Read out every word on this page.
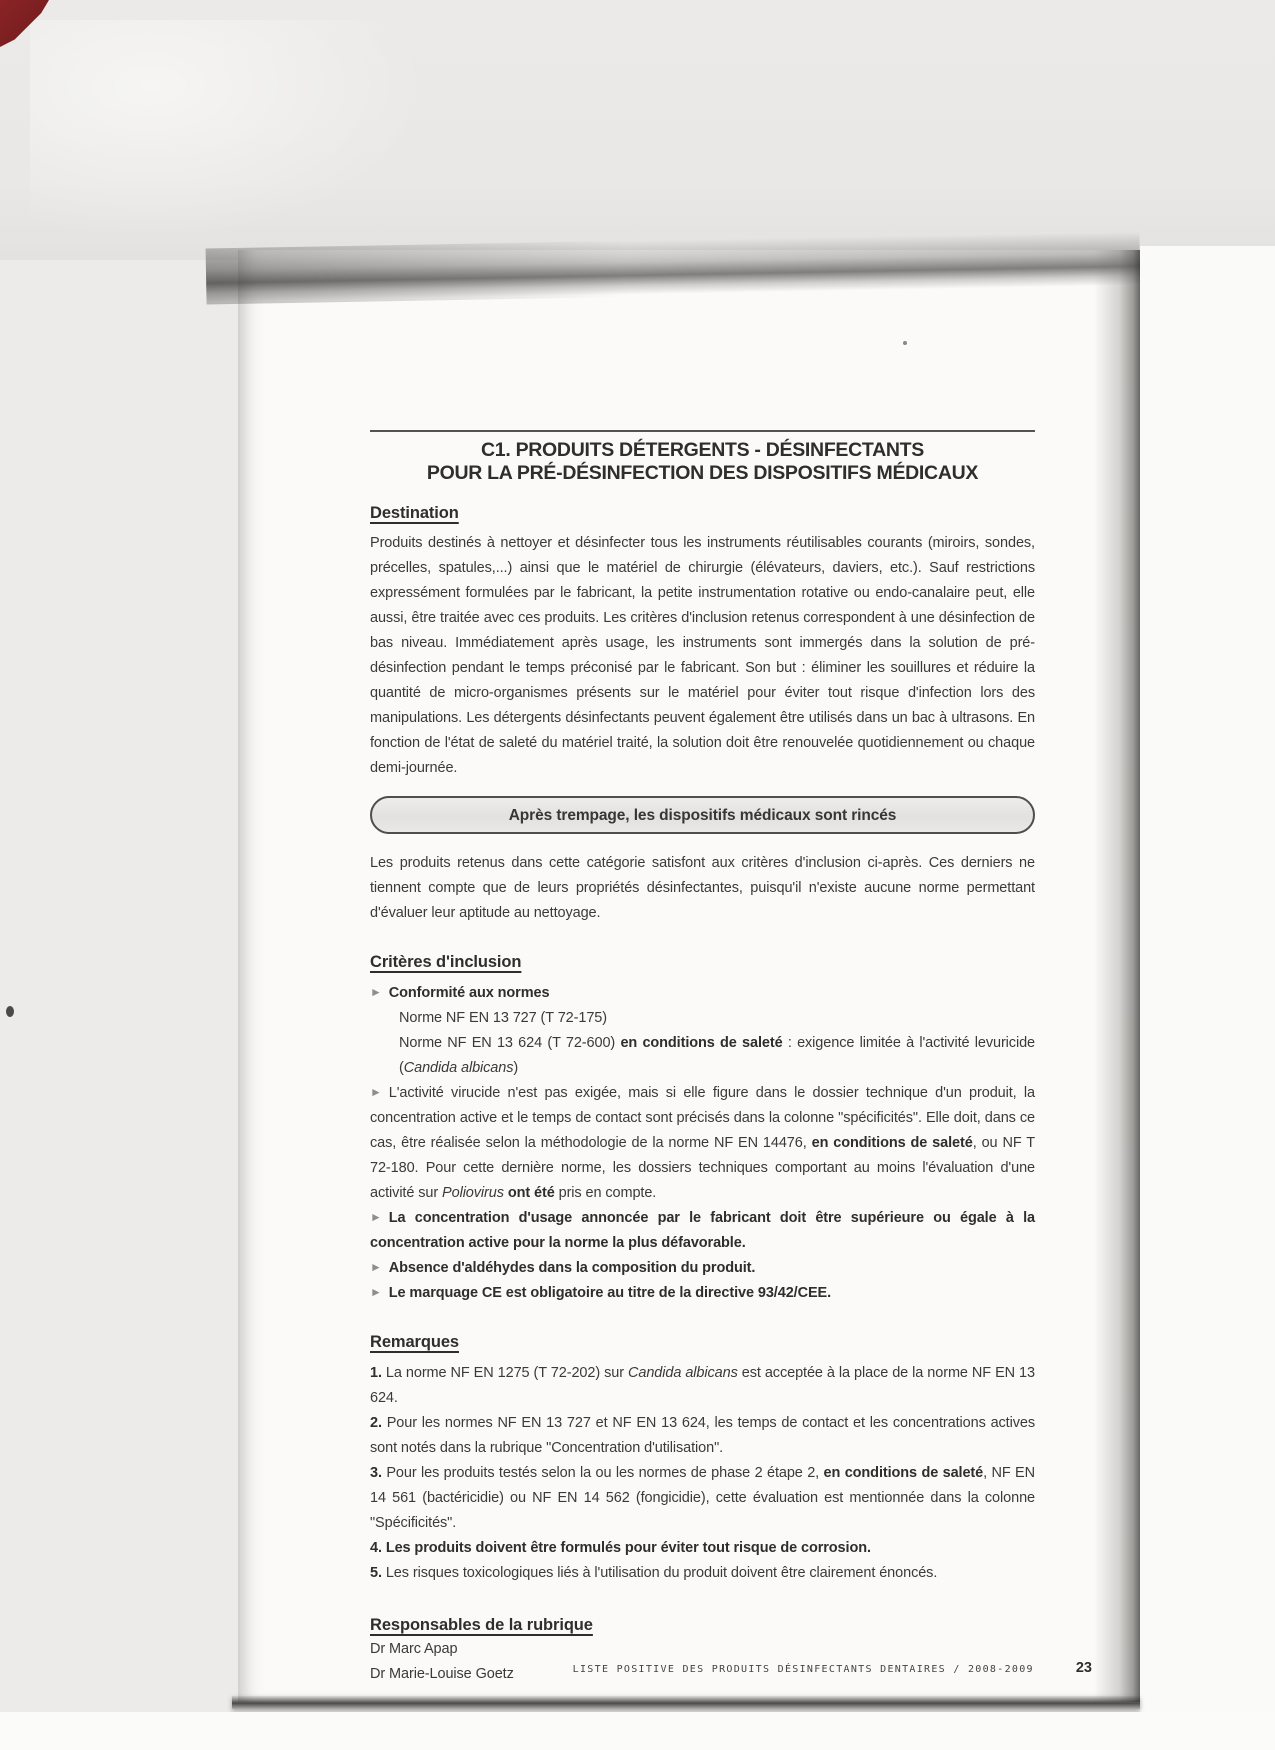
C1. PRODUITS DÉTERGENTS - DÉSINFECTANTS
POUR LA PRÉ-DÉSINFECTION DES DISPOSITIFS MÉDICAUX
Destination
Produits destinés à nettoyer et désinfecter tous les instruments réutilisables courants (miroirs, sondes, précelles, spatules,...) ainsi que le matériel de chirurgie (élévateurs, daviers, etc.). Sauf restrictions expressément formulées par le fabricant, la petite instrumentation rotative ou endo-canalaire peut, elle aussi, être traitée avec ces produits. Les critères d'inclusion retenus correspondent à une désinfection de bas niveau. Immédiatement après usage, les instruments sont immergés dans la solution de pré-désinfection pendant le temps préconisé par le fabricant. Son but : éliminer les souillures et réduire la quantité de micro-organismes présents sur le matériel pour éviter tout risque d'infection lors des manipulations. Les détergents désinfectants peuvent également être utilisés dans un bac à ultrasons. En fonction de l'état de saleté du matériel traité, la solution doit être renouvelée quotidiennement ou chaque demi-journée.
Après trempage, les dispositifs médicaux sont rincés
Les produits retenus dans cette catégorie satisfont aux critères d'inclusion ci-après. Ces derniers ne tiennent compte que de leurs propriétés désinfectantes, puisqu'il n'existe aucune norme permettant d'évaluer leur aptitude au nettoyage.
Critères d'inclusion
► Conformité aux normes
Norme NF EN 13 727 (T 72-175)
Norme NF EN 13 624 (T 72-600) en conditions de saleté : exigence limitée à l'activité levuricide (Candida albicans)
► L'activité virucide n'est pas exigée, mais si elle figure dans le dossier technique d'un produit, la concentration active et le temps de contact sont précisés dans la colonne "spécificités". Elle doit, dans ce cas, être réalisée selon la méthodologie de la norme NF EN 14476, en conditions de saleté, ou NF T 72-180. Pour cette dernière norme, les dossiers techniques comportant au moins l'évaluation d'une activité sur Poliovirus ont été pris en compte.
► La concentration d'usage annoncée par le fabricant doit être supérieure ou égale à la concentration active pour la norme la plus défavorable.
► Absence d'aldéhydes dans la composition du produit.
► Le marquage CE est obligatoire au titre de la directive 93/42/CEE.
Remarques
1. La norme NF EN 1275 (T 72-202) sur Candida albicans est acceptée à la place de la norme NF EN 13 624.
2. Pour les normes NF EN 13 727 et NF EN 13 624, les temps de contact et les concentrations actives sont notés dans la rubrique "Concentration d'utilisation".
3. Pour les produits testés selon la ou les normes de phase 2 étape 2, en conditions de saleté, NF EN 14 561 (bactéricidie) ou NF EN 14 562 (fongicidie), cette évaluation est mentionnée dans la colonne "Spécificités".
4. Les produits doivent être formulés pour éviter tout risque de corrosion.
5. Les risques toxicologiques liés à l'utilisation du produit doivent être clairement énoncés.
Responsables de la rubrique
Dr Marc Apap
Dr Marie-Louise Goetz	LISTE POSITIVE DES PRODUITS DÉSINFECTANTS DENTAIRES / 2008-2009	23
